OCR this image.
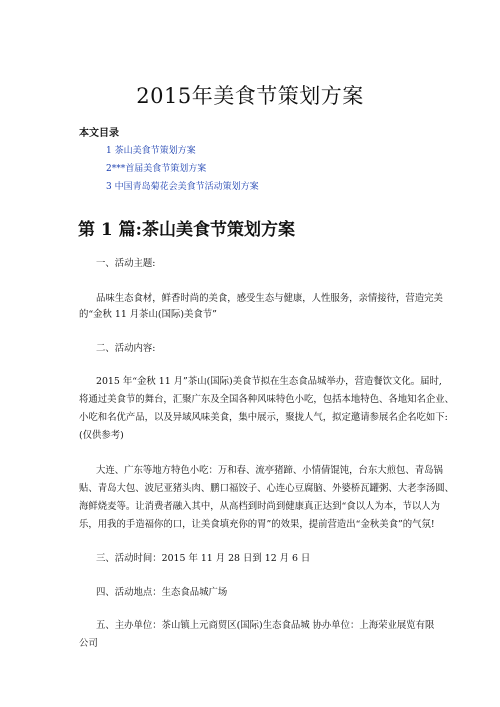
2015年美食节策划方案
本文目录
1 茶山美食节策划方案
2***首届美食节策划方案
3 中国青岛菊花会美食节活动策划方案
第 1 篇:茶山美食节策划方案
一、活动主题:
品味生态食材，鲜香时尚的美食，感受生态与健康，人性服务，亲情接待，营造完美
的“金秋 11 月茶山(国际)美食节”
二、活动内容:
2015 年“金秋 11 月”茶山(国际)美食节拟在生态食品城举办，营造餐饮文化。届时,
将通过美食节的舞台，汇聚广东及全国各种风味特色小吃，包括本地特色、各地知名企业、
小吃和名优产品，以及异域风味美食，集中展示，聚拢人气，拟定邀请参展名企名吃如下:
(仅供参考)
大连、广东等地方特色小吃：万和春、流亭猪蹄、小情倩馄饨，台东大煎包、青岛锅
贴、青岛大包、波尼亚猪头肉、鹏口福饺子、心连心豆腐脑、外婆桥瓦罐粥、大老李汤圆、
海鲜烧麦等。让消费者融入其中，从高档到时尚到健康真正达到“食以人为本，节以人为
乐，用我的手造福你的口，让美食填充你的胃”的效果，提前营造出“金秋美食”的气氛!
三、活动时间：2015 年 11 月 28 日到 12 月 6 日
四、活动地点：生态食品城广场
五、主办单位：茶山镇上元商贸区(国际)生态食品城 协办单位：上海荣业展览有限
公司
